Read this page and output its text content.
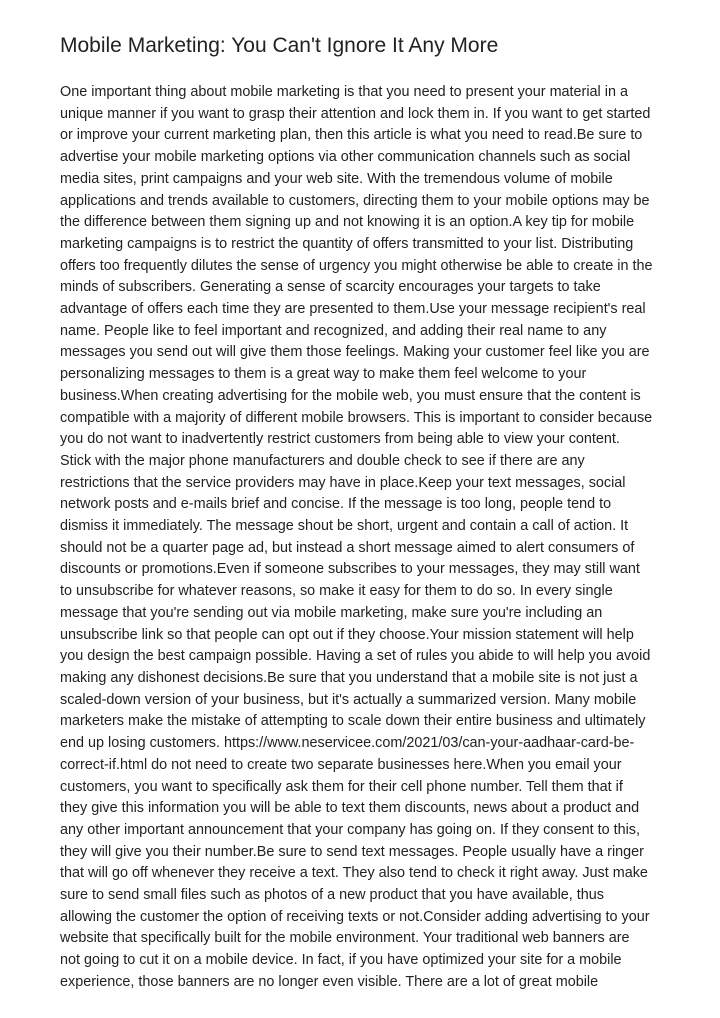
Mobile Marketing: You Can't Ignore It Any More

One important thing about mobile marketing is that you need to present your material in a
unique manner if you want to grasp their attention and lock them in. If you want to get started
or improve your current marketing plan, then this article is what you need to read.Be sure to
advertise your mobile marketing options via other communication channels such as social
media sites, print campaigns and your web site. With the tremendous volume of mobile
applications and trends available to customers, directing them to your mobile options may be
the difference between them signing up and not knowing it is an option.A key tip for mobile
marketing campaigns is to restrict the quantity of offers transmitted to your list. Distributing
offers too frequently dilutes the sense of urgency you might otherwise be able to create in the
minds of subscribers. Generating a sense of scarcity encourages your targets to take
advantage of offers each time they are presented to them.Use your message recipient's real
name. People like to feel important and recognized, and adding their real name to any
messages you send out will give them those feelings. Making your customer feel like you are
personalizing messages to them is a great way to make them feel welcome to your
business.When creating advertising for the mobile web, you must ensure that the content is
compatible with a majority of different mobile browsers. This is important to consider because
you do not want to inadvertently restrict customers from being able to view your content.
Stick with the major phone manufacturers and double check to see if there are any
restrictions that the service providers may have in place.Keep your text messages, social
network posts and e-mails brief and concise. If the message is too long, people tend to
dismiss it immediately. The message shout be short, urgent and contain a call of action. It
should not be a quarter page ad, but instead a short message aimed to alert consumers of
discounts or promotions.Even if someone subscribes to your messages, they may still want
to unsubscribe for whatever reasons, so make it easy for them to do so. In every single
message that you're sending out via mobile marketing, make sure you're including an
unsubscribe link so that people can opt out if they choose.Your mission statement will help
you design the best campaign possible. Having a set of rules you abide to will help you avoid
making any dishonest decisions.Be sure that you understand that a mobile site is not just a
scaled-down version of your business, but it's actually a summarized version. Many mobile
marketers make the mistake of attempting to scale down their entire business and ultimately
end up losing customers. https://www.neservicee.com/2021/03/can-your-aadhaar-card-be-
correct-if.html do not need to create two separate businesses here.When you email your
customers, you want to specifically ask them for their cell phone number. Tell them that if
they give this information you will be able to text them discounts, news about a product and
any other important announcement that your company has going on. If they consent to this,
they will give you their number.Be sure to send text messages. People usually have a ringer
that will go off whenever they receive a text. They also tend to check it right away. Just make
sure to send small files such as photos of a new product that you have available, thus
allowing the customer the option of receiving texts or not.Consider adding advertising to your
website that specifically built for the mobile environment. Your traditional web banners are
not going to cut it on a mobile device. In fact, if you have optimized your site for a mobile
experience, those banners are no longer even visible. There are a lot of great mobile
